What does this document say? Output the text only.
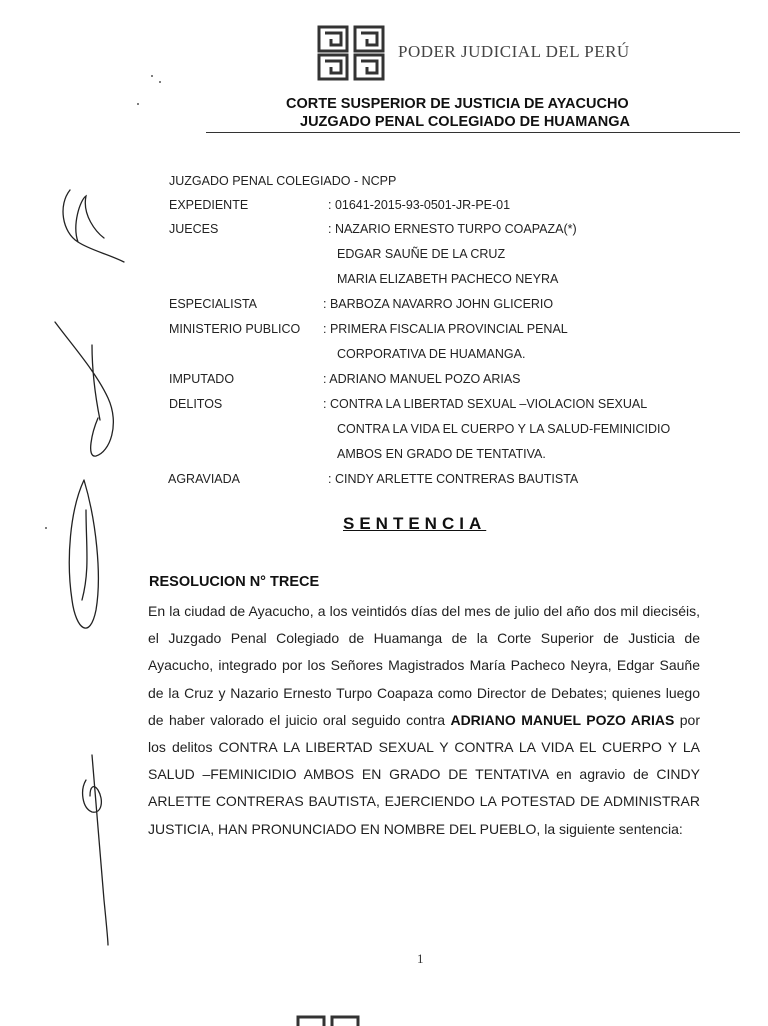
PODER JUDICIAL DEL PERÚ
CORTE SUSPERIOR DE JUSTICIA DE AYACUCHO
JUZGADO PENAL COLEGIADO DE HUAMANGA
JUZGADO PENAL COLEGIADO - NCPP
EXPEDIENTE	: 01641-2015-93-0501-JR-PE-01
JUECES	: NAZARIO ERNESTO TURPO COAPAZA(*)
EDGAR SAUÑE DE LA CRUZ
MARIA ELIZABETH PACHECO NEYRA
ESPECIALISTA	: BARBOZA NAVARRO JOHN GLICERIO
MINISTERIO PUBLICO : PRIMERA FISCALIA PROVINCIAL PENAL
CORPORATIVA DE HUAMANGA.
IMPUTADO	: ADRIANO MANUEL POZO ARIAS
DELITOS	: CONTRA LA LIBERTAD SEXUAL –VIOLACION SEXUAL
CONTRA LA VIDA EL CUERPO Y LA SALUD-FEMINICIDIO
AMBOS EN GRADO DE TENTATIVA.
AGRAVIADA	: CINDY ARLETTE CONTRERAS BAUTISTA
SENTENCIA
RESOLUCION N° TRECE
En la ciudad de Ayacucho, a los veintidós días del mes de julio del año dos mil dieciséis, el Juzgado Penal Colegiado de Huamanga de la Corte Superior de Justicia de Ayacucho, integrado por los Señores Magistrados María Pacheco Neyra, Edgar Sauñe de la Cruz y Nazario Ernesto Turpo Coapaza como Director de Debates; quienes luego de haber valorado el juicio oral seguido contra ADRIANO MANUEL POZO ARIAS por los delitos CONTRA LA LIBERTAD SEXUAL Y CONTRA LA VIDA EL CUERPO Y LA SALUD –FEMINICIDIO AMBOS EN GRADO DE TENTATIVA en agravio de CINDY ARLETTE CONTRERAS BAUTISTA, EJERCIENDO LA POTESTAD DE ADMINISTRAR JUSTICIA, HAN PRONUNCIADO EN NOMBRE DEL PUEBLO, la siguiente sentencia:
1
